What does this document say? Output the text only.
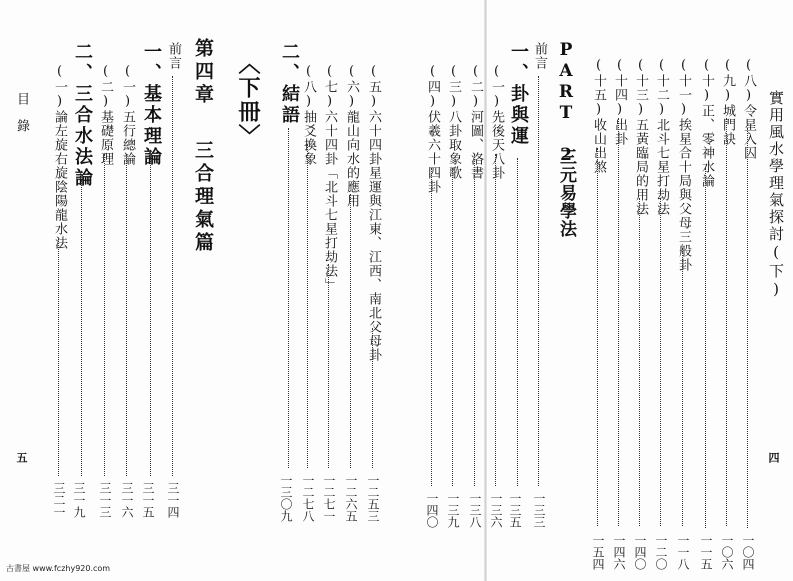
實用風水學理氣探討(下)
四
(八)令星入囚
一〇四
(九)城門訣
一〇六
(十)正、零神水論
一一五
(十一)挨星合十局與父母三般卦
一一八
(十二)北斗七星打劫法
一二〇
(十三)五黃臨局的用法
一四〇
(十四)出卦
一四六
(十五)收山出煞
一五四
PART 2
三元易學法
前言
一三三
一、卦與運
一三五
(一)先後天八卦
一三六
(二)河圖、洛書
一三八
(三)八卦取象歌
一三九
(四)伏羲六十四卦
一四〇
(五)六十四卦星運與江東、江西、南北父母卦
一二五三
(六)龍山向水的應用
一二六五
(七)六十四卦「北斗七星打劫法」
一二七一
(八)抽爻換象
一二七八
二、結語
一三〇九
〈下冊〉
第四章
三合理氣篇
前言
三一四
一、基本理論
三一五
(一)五行總論
三一六
(二)基礎原理
三一三
二、三合水法論
三一九
(一)論左旋右旋陰陽龍水法
三二一
目錄
五
古書屋 www.fczhy920.com
